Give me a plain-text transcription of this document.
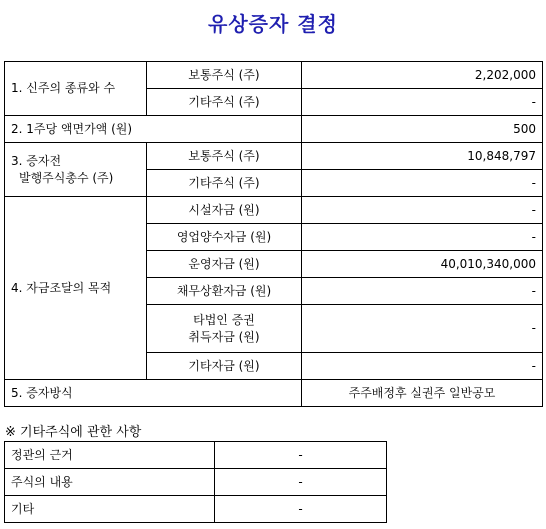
유상증자 결정
1. 신주의 종류와 수	보통주식 (주)	2,202,000
	기타주식 (주)	-
2. 1주당 액면가액 (원)		500

3. 증자전
발행주식총수 (주)	보통주식 (주)	10,848,797
	기타주식 (주)	-
4. 자금조달의 목적	시설자금 (원)	-
	영업양수자금 (원)	-
	운영자금 (원)	40,010,340,000
	채무상환자금 (원)	-

	타법인 증권
취득자금 (원)	-
	기타자금 (원)	-
5. 증자방식		주주배정후 실권주 일반공모
※ 기타주식에 관한 사항
정관의 근거	-
주식의 내용	-
기타	-
